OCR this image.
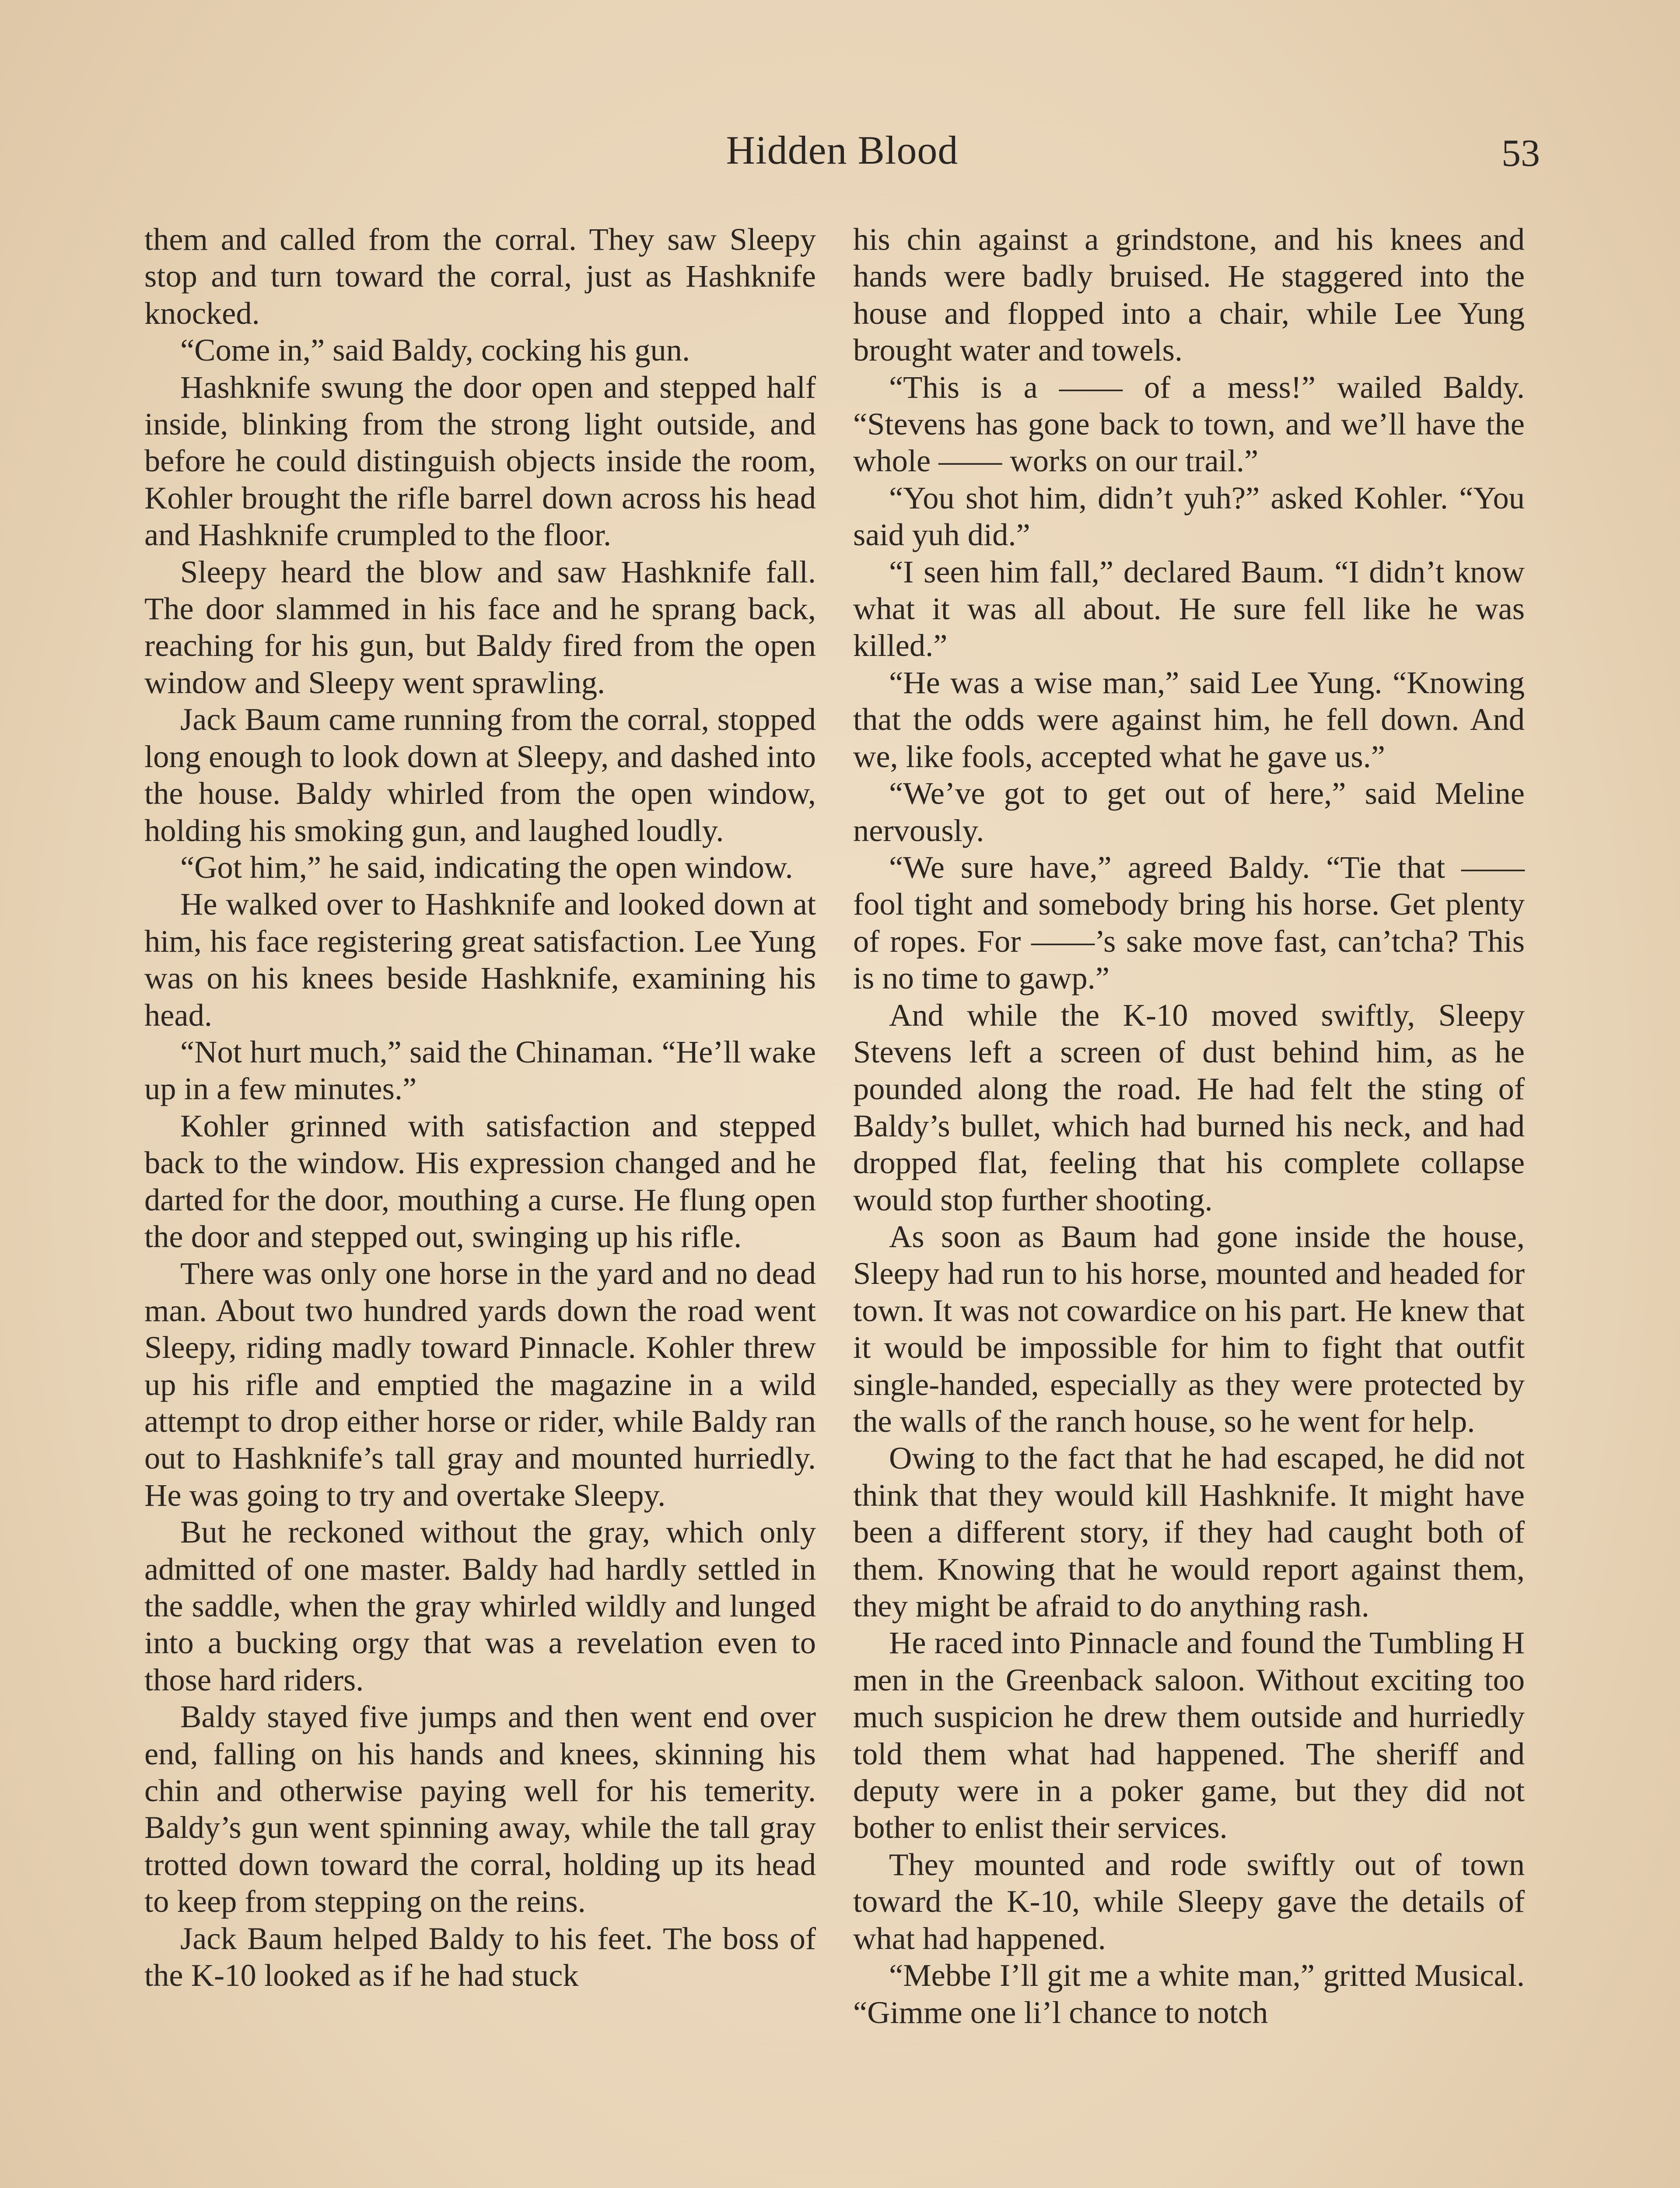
Hidden Blood	53

them and called from the corral. They saw Sleepy stop and turn toward the corral, just as Hashknife knocked.

“Come in,” said Baldy, cocking his gun.

Hashknife swung the door open and stepped half inside, blinking from the strong light outside, and before he could distinguish objects inside the room, Kohler brought the rifle barrel down across his head and Hashknife crumpled to the floor.

Sleepy heard the blow and saw Hashknife fall. The door slammed in his face and he sprang back, reaching for his gun, but Baldy fired from the open window and Sleepy went sprawling.

Jack Baum came running from the corral, stopped long enough to look down at Sleepy, and dashed into the house. Baldy whirled from the open window, holding his smoking gun, and laughed loudly.

“Got him,” he said, indicating the open window.

He walked over to Hashknife and looked down at him, his face registering great satisfaction. Lee Yung was on his knees beside Hashknife, examining his head.

“Not hurt much,” said the Chinaman. “He’ll wake up in a few minutes.”

Kohler grinned with satisfaction and stepped back to the window. His expression changed and he darted for the door, mouthing a curse. He flung open the door and stepped out, swinging up his rifle.

There was only one horse in the yard and no dead man. About two hundred yards down the road went Sleepy, riding madly toward Pinnacle. Kohler threw up his rifle and emptied the magazine in a wild attempt to drop either horse or rider, while Baldy ran out to Hashknife’s tall gray and mounted hurriedly. He was going to try and overtake Sleepy.

But he reckoned without the gray, which only admitted of one master. Baldy had hardly settled in the saddle, when the gray whirled wildly and lunged into a bucking orgy that was a revelation even to those hard riders.

Baldy stayed five jumps and then went end over end, falling on his hands and knees, skinning his chin and otherwise paying well for his temerity. Baldy’s gun went spinning away, while the tall gray trotted down toward the corral, holding up its head to keep from stepping on the reins.

Jack Baum helped Baldy to his feet. The boss of the K-10 looked as if he had stuck

his chin against a grindstone, and his knees and hands were badly bruised. He staggered into the house and flopped into a chair, while Lee Yung brought water and towels.

“This is a —— of a mess!” wailed Baldy. “Stevens has gone back to town, and we’ll have the whole —— works on our trail.”

“You shot him, didn’t yuh?” asked Kohler. “You said yuh did.”

“I seen him fall,” declared Baum. “I didn’t know what it was all about. He sure fell like he was killed.”

“He was a wise man,” said Lee Yung. “Knowing that the odds were against him, he fell down. And we, like fools, accepted what he gave us.”

“We’ve got to get out of here,” said Meline nervously.

“We sure have,” agreed Baldy. “Tie that —— fool tight and somebody bring his horse. Get plenty of ropes. For ——’s sake move fast, can’tcha? This is no time to gawp.”

And while the K-10 moved swiftly, Sleepy Stevens left a screen of dust behind him, as he pounded along the road. He had felt the sting of Baldy’s bullet, which had burned his neck, and had dropped flat, feeling that his complete collapse would stop further shooting.

As soon as Baum had gone inside the house, Sleepy had run to his horse, mounted and headed for town. It was not cowardice on his part. He knew that it would be impossible for him to fight that outfit single-handed, especially as they were protected by the walls of the ranch house, so he went for help.

Owing to the fact that he had escaped, he did not think that they would kill Hashknife. It might have been a different story, if they had caught both of them. Knowing that he would report against them, they might be afraid to do anything rash.

He raced into Pinnacle and found the Tumbling H men in the Greenback saloon. Without exciting too much suspicion he drew them outside and hurriedly told them what had happened. The sheriff and deputy were in a poker game, but they did not bother to enlist their services.

They mounted and rode swiftly out of town toward the K-10, while Sleepy gave the details of what had happened.

“Mebbe I’ll git me a white man,” gritted Musical. “Gimme one li’l chance to notch
